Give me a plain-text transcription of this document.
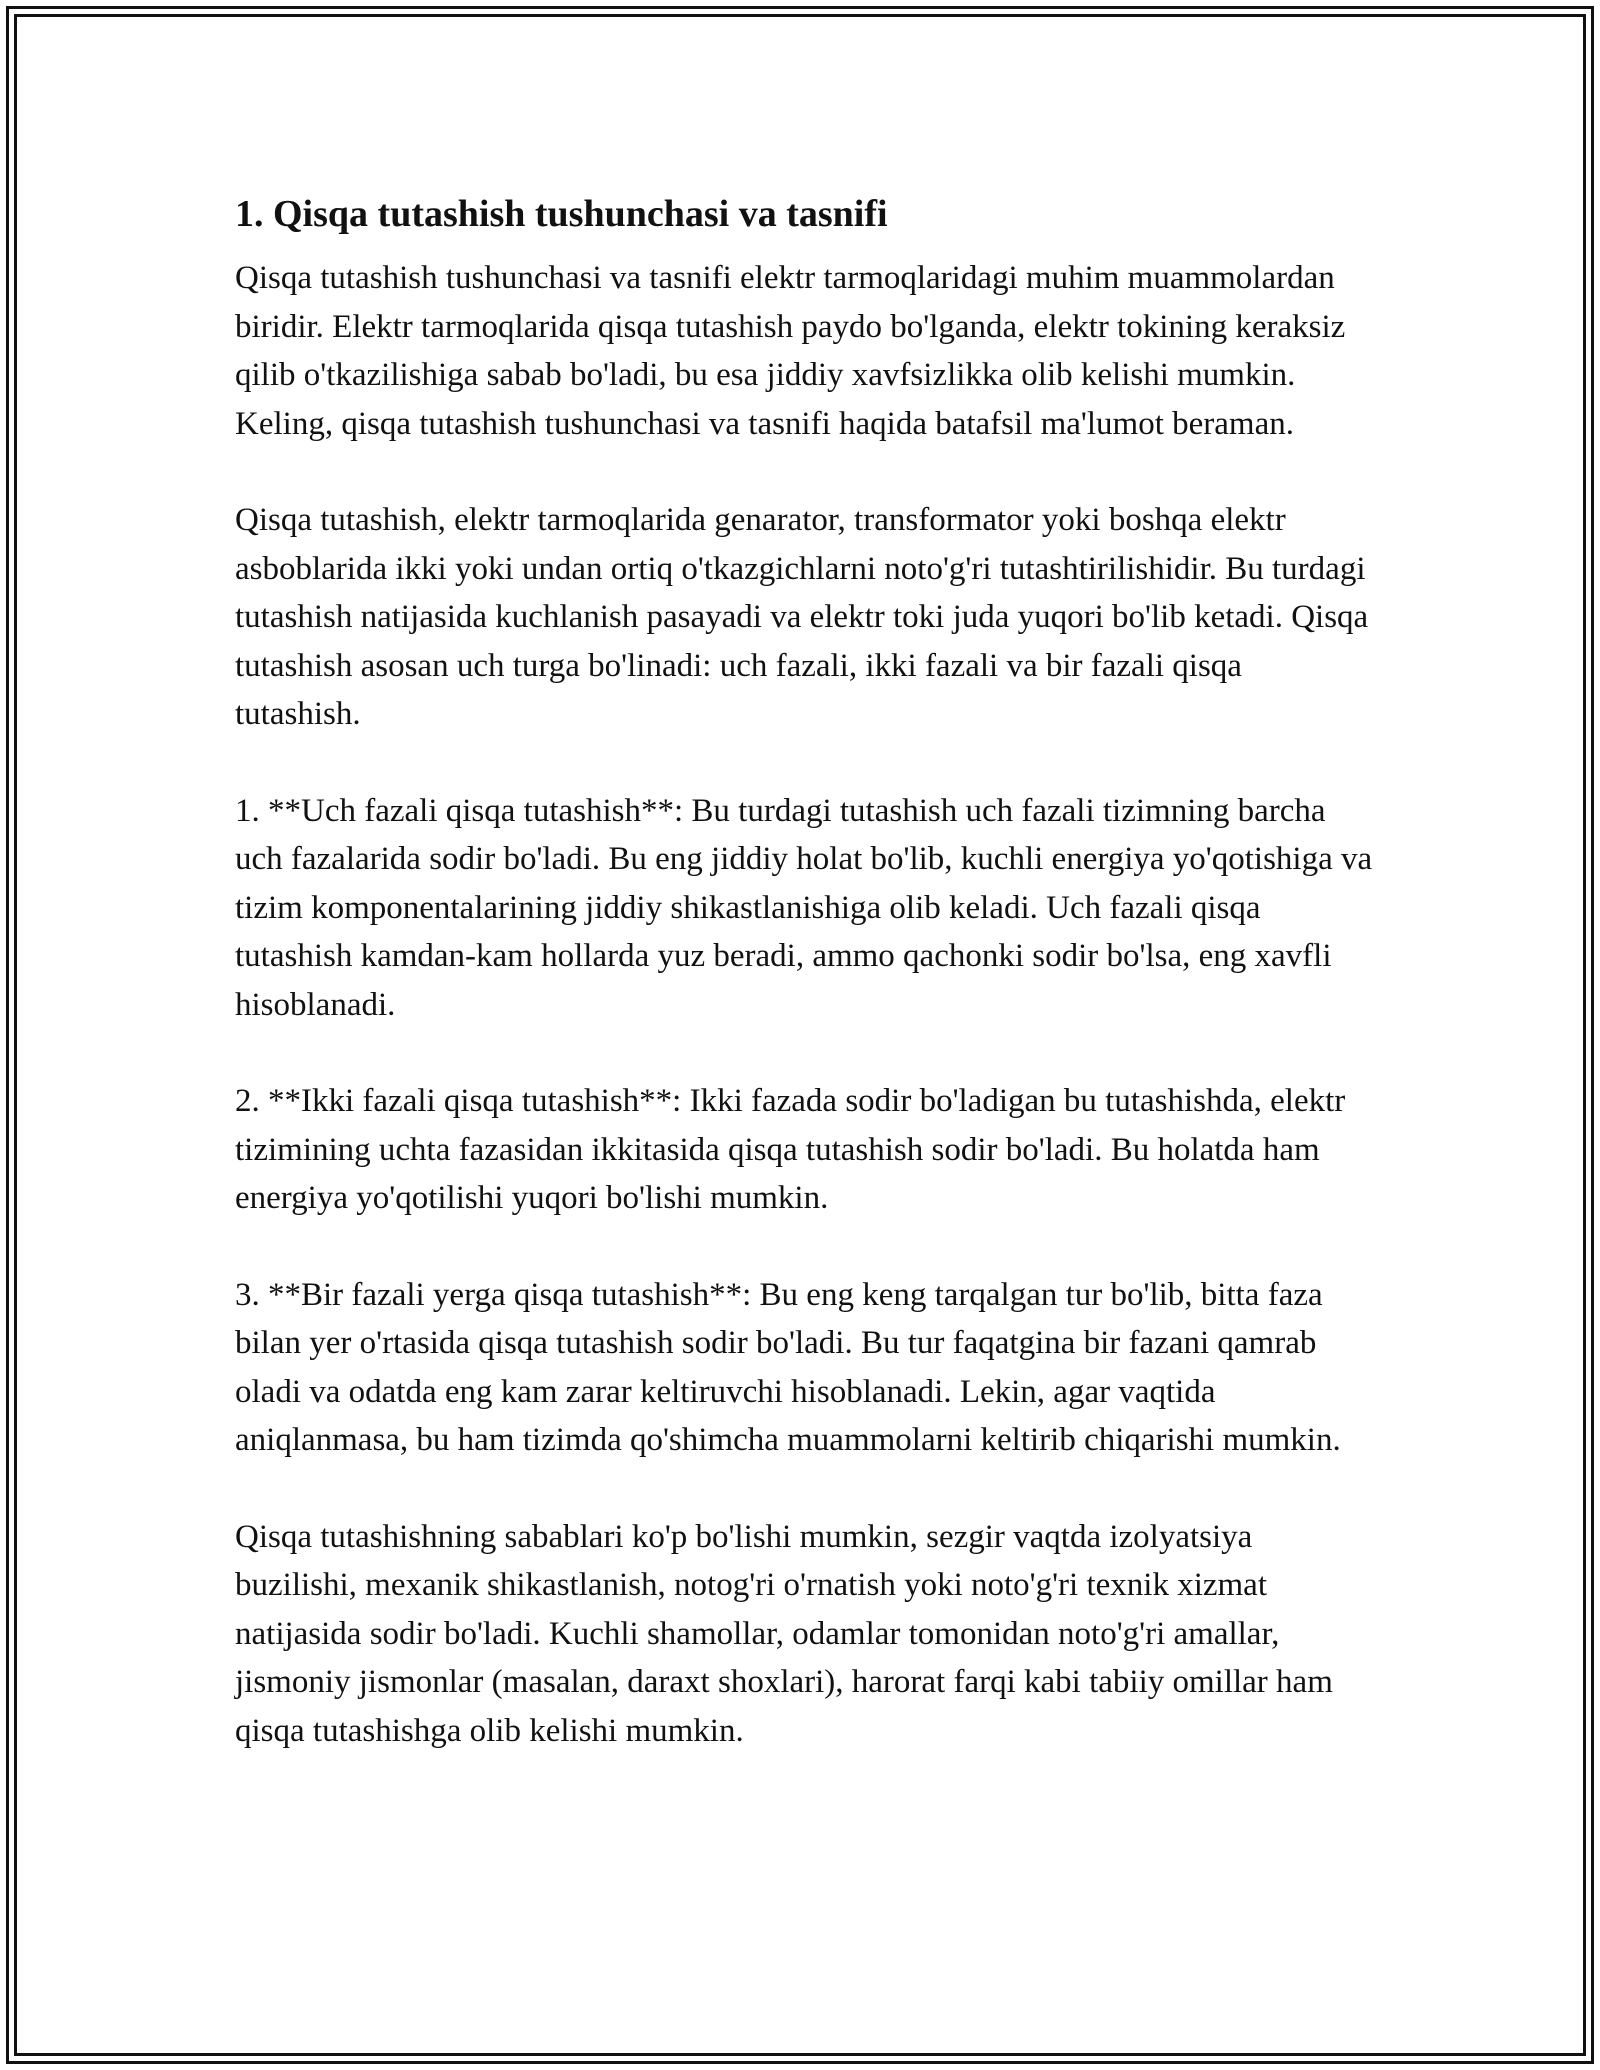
1. Qisqa tutashish tushunchasi va tasnifi

Qisqa tutashish tushunchasi va tasnifi elektr tarmoqlaridagi muhim muammolardan biridir. Elektr tarmoqlarida qisqa tutashish paydo bo'lganda, elektr tokining keraksiz qilib o'tkazilishiga sabab bo'ladi, bu esa jiddiy xavfsizlikka olib kelishi mumkin. Keling, qisqa tutashish tushunchasi va tasnifi haqida batafsil ma'lumot beraman.

Qisqa tutashish, elektr tarmoqlarida genarator, transformator yoki boshqa elektr asboblarida ikki yoki undan ortiq o'tkazgichlarni noto'g'ri tutashtirilishidir. Bu turdagi tutashish natijasida kuchlanish pasayadi va elektr toki juda yuqori bo'lib ketadi. Qisqa tutashish asosan uch turga bo'linadi: uch fazali, ikki fazali va bir fazali qisqa tutashish.

1. **Uch fazali qisqa tutashish**: Bu turdagi tutashish uch fazali tizimning barcha uch fazalarida sodir bo'ladi. Bu eng jiddiy holat bo'lib, kuchli energiya yo'qotishiga va tizim komponentalarining jiddiy shikastlanishiga olib keladi. Uch fazali qisqa tutashish kamdan-kam hollarda yuz beradi, ammo qachonki sodir bo'lsa, eng xavfli hisoblanadi.

2. **Ikki fazali qisqa tutashish**: Ikki fazada sodir bo'ladigan bu tutashishda, elektr tizimining uchta fazasidan ikkitasida qisqa tutashish sodir bo'ladi. Bu holatda ham energiya yo'qotilishi yuqori bo'lishi mumkin.

3. **Bir fazali yerga qisqa tutashish**: Bu eng keng tarqalgan tur bo'lib, bitta faza bilan yer o'rtasida qisqa tutashish sodir bo'ladi. Bu tur faqatgina bir fazani qamrab oladi va odatda eng kam zarar keltiruvchi hisoblanadi. Lekin, agar vaqtida aniqlanmasa, bu ham tizimda qo'shimcha muammolarni keltirib chiqarishi mumkin.

Qisqa tutashishning sabablari ko'p bo'lishi mumkin, sezgir vaqtda izolyatsiya buzilishi, mexanik shikastlanish, notog'ri o'rnatish yoki noto'g'ri texnik xizmat natijasida sodir bo'ladi. Kuchli shamollar, odamlar tomonidan noto'g'ri amallar, jismoniy jismonlar (masalan, daraxt shoxlari), harorat farqi kabi tabiiy omillar ham qisqa tutashishga olib kelishi mumkin.
